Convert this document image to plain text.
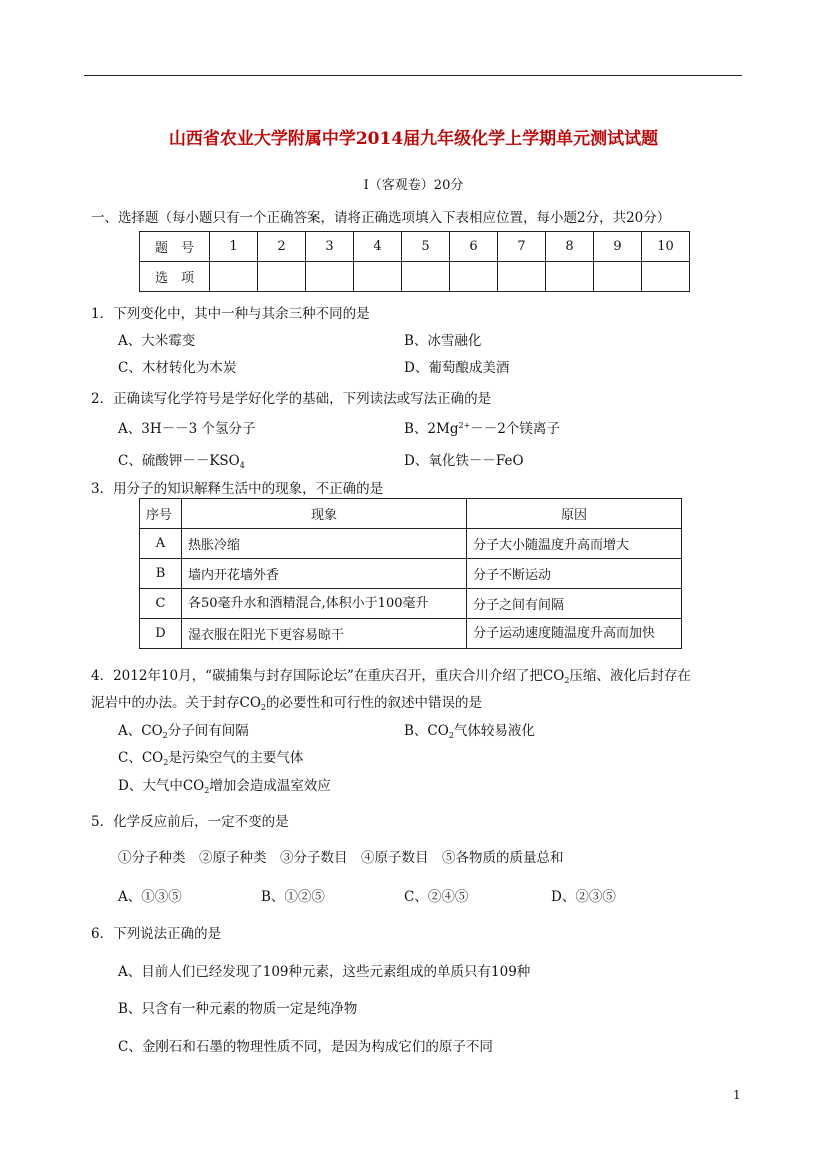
山西省农业大学附属中学2014届九年级化学上学期单元测试试题
Ⅰ（客观卷）20分
一、选择题（每小题只有一个正确答案，请将正确选项填入下表相应位置，每小题2分，共20分）
题　号	1	2	3	4	5	6	7	8	9	10
选　项										
1．下列变化中，其中一种与其余三种不同的是
A、大米霉变	B、冰雪融化
C、木材转化为木炭	D、葡萄酿成美酒
2．正确读写化学符号是学好化学的基础，下列读法或写法正确的是
A、3H－－3 个氢分子	B、$2Mg^{2+}--2$个镁离子
C、硫酸钾$--KSO_4$	D、氧化铁－－FeO
3．用分子的知识解释生活中的现象，不正确的是
序号	现象	原因
A	热胀冷缩	分子大小随温度升高而增大
B	墙内开花墙外香	分子不断运动
C	各50毫升水和酒精混合,体积小于100毫升	分子之间有间隔
D	湿衣服在阳光下更容易晾干	分子运动速度随温度升高而加快
4．2012年10月，“碳捕集与封存国际论坛”在重庆召开，重庆合川介绍了把$CO_2$压缩、液化后封存在
泥岩中的办法。关于封存$CO_2$的必要性和可行性的叙述中错误的是
A、$CO_2$分子间有间隔	B、$CO_2$气体较易液化
C、$CO_2$是污染空气的主要气体
D、大气中$CO_2$增加会造成温室效应
5．化学反应前后，一定不变的是
①分子种类　②原子种类　③分子数目　④原子数目　⑤各物质的质量总和
A、①③⑤	B、①②⑤	C、②④⑤	D、②③⑤
6．下列说法正确的是
A、目前人们已经发现了109种元素，这些元素组成的单质只有109种
B、只含有一种元素的物质一定是纯净物
C、金刚石和石墨的物理性质不同，是因为构成它们的原子不同
1
